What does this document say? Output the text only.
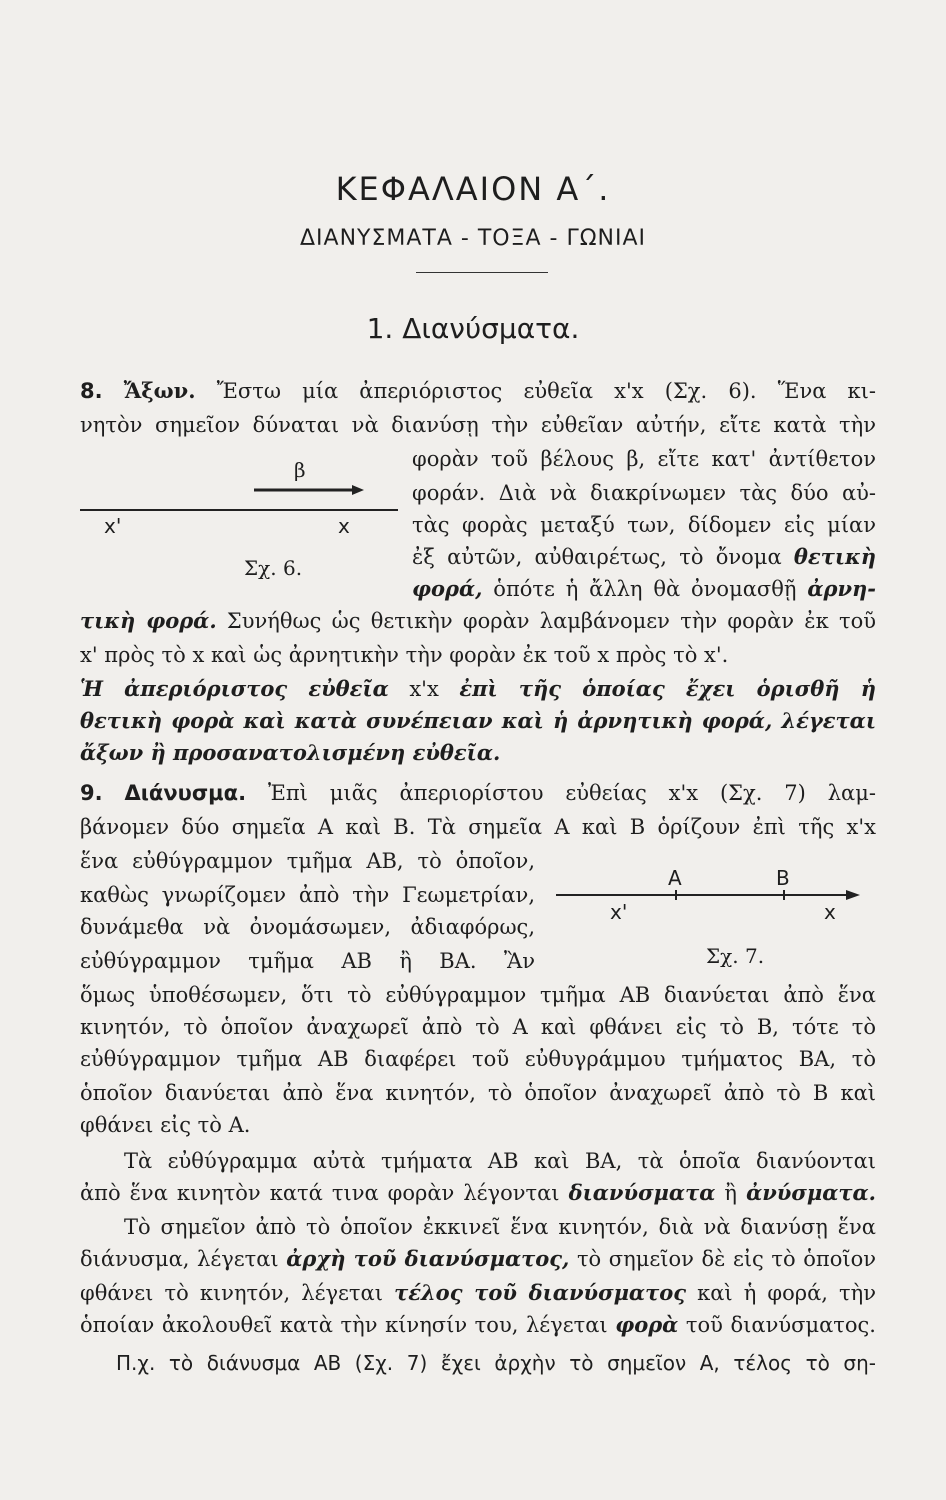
ΚΕΦΑΛΑΙΟΝ Α΄.
ΔΙΑΝΥΣΜΑΤΑ - ΤΟΞΑ - ΓΩΝΙΑΙ
1. Διανύσματα.
8. Ἄξων. Ἔστω μία ἀπεριόριστος εὐθεῖα x'x (Σχ. 6). Ἕνα κι-
νητὸν σημεῖον δύναται νὰ διανύσῃ τὴν εὐθεῖαν αὐτήν, εἴτε κατὰ τὴν
φορὰν τοῦ βέλους β, εἴτε κατ' ἀντίθετον
φοράν. Διὰ νὰ διακρίνωμεν τὰς δύο αὐ-
τὰς φορὰς μεταξύ των, δίδομεν εἰς μίαν
ἐξ αὐτῶν, αὐθαιρέτως, τὸ ὄνομα θετικὴ
φορά, ὁπότε ἡ ἄλλη θὰ ὀνομασθῇ ἀρνη-
τικὴ φορά. Συνήθως ὡς θετικὴν φορὰν λαμβάνομεν τὴν φορὰν ἐκ τοῦ
x' πρὸς τὸ x καὶ ὡς ἀρνητικὴν τὴν φορὰν ἐκ τοῦ x πρὸς τὸ x'.
Ἡ ἀπεριόριστος εὐθεῖα x'x ἐπὶ τῆς ὁποίας ἔχει ὁρισθῆ ἡ
θετικὴ φορὰ καὶ κατὰ συνέπειαν καὶ ἡ ἀρνητικὴ φορά, λέγεται
ἄξων ἢ προσανατολισμένη εὐθεῖα.
β
x'	x
Σχ. 6.
9. Διάνυσμα. Ἐπὶ μιᾶς ἀπεριορίστου εὐθείας x'x (Σχ. 7) λαμ-
βάνομεν δύο σημεῖα Α καὶ Β. Τὰ σημεῖα Α καὶ Β ὁρίζουν ἐπὶ τῆς x'x
ἕνα εὐθύγραμμον τμῆμα ΑΒ, τὸ ὁποῖον,
καθὼς γνωρίζομεν ἀπὸ τὴν Γεωμετρίαν,
δυνάμεθα νὰ ὀνομάσωμεν, ἀδιαφόρως,
εὐθύγραμμον τμῆμα ΑΒ ἢ ΒΑ. Ἂν
A	B
x'	x
Σχ. 7.
ὅμως ὑποθέσωμεν, ὅτι τὸ εὐθύγραμμον τμῆμα ΑΒ διανύεται ἀπὸ ἕνα
κινητόν, τὸ ὁποῖον ἀναχωρεῖ ἀπὸ τὸ Α καὶ φθάνει εἰς τὸ Β, τότε τὸ
εὐθύγραμμον τμῆμα ΑΒ διαφέρει τοῦ εὐθυγράμμου τμήματος ΒΑ, τὸ
ὁποῖον διανύεται ἀπὸ ἕνα κινητόν, τὸ ὁποῖον ἀναχωρεῖ ἀπὸ τὸ Β καὶ
φθάνει εἰς τὸ Α.
Τὰ εὐθύγραμμα αὐτὰ τμήματα ΑΒ καὶ ΒΑ, τὰ ὁποῖα διανύονται
ἀπὸ ἕνα κινητὸν κατά τινα φορὰν λέγονται διανύσματα ἢ ἀνύσματα.
Τὸ σημεῖον ἀπὸ τὸ ὁποῖον ἐκκινεῖ ἕνα κινητόν, διὰ νὰ διανύσῃ ἕνα
διάνυσμα, λέγεται ἀρχὴ τοῦ διανύσματος, τὸ σημεῖον δὲ εἰς τὸ ὁποῖον
φθάνει τὸ κινητόν, λέγεται τέλος τοῦ διανύσματος καὶ ἡ φορά, τὴν
ὁποίαν ἀκολουθεῖ κατὰ τὴν κίνησίν του, λέγεται φορὰ τοῦ διανύσματος.
Π.χ. τὸ διάνυσμα ΑΒ (Σχ. 7) ἔχει ἀρχὴν τὸ σημεῖον Α, τέλος τὸ ση-
